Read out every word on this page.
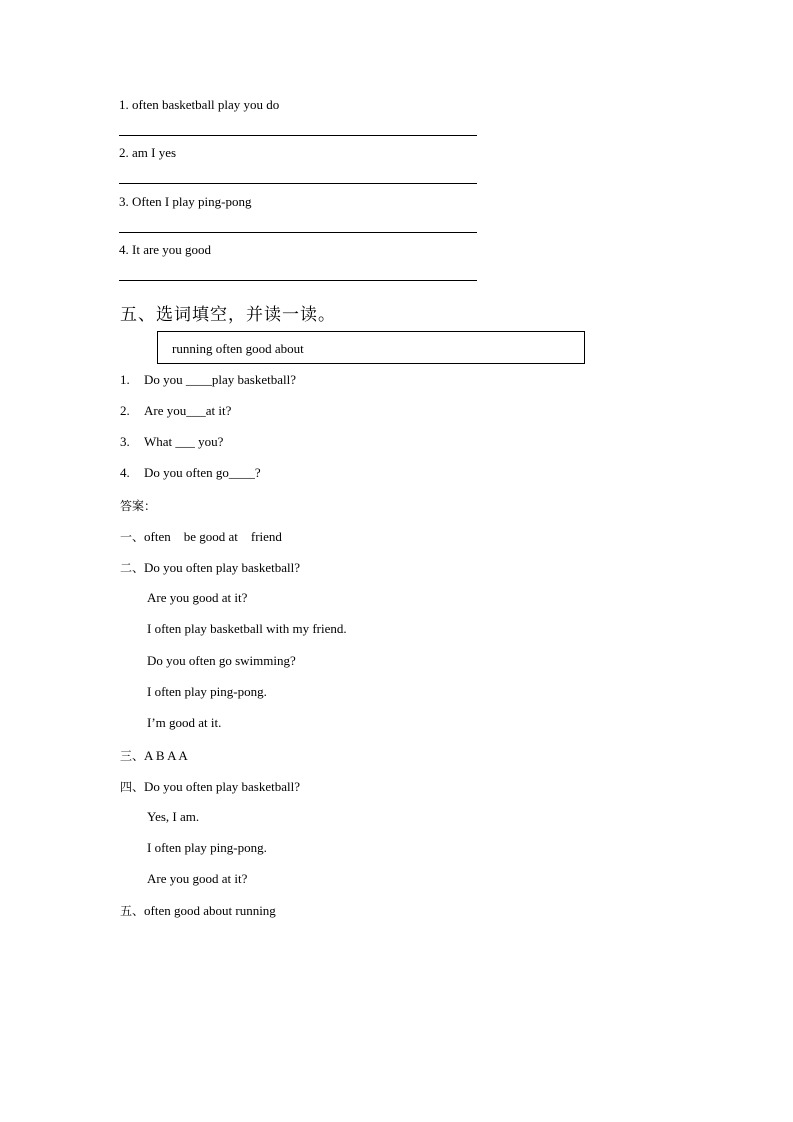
1. often basketball play you do
2. am I yes
3. Often I play ping-pong
4. It are you good
五、选词填空，并读一读。
running often good about
1. Do you ____play basketball?
2. Are you___at it?
3. What ___ you?
4. Do you often go____?
答案：
一、often    be good at    friend
二、Do you often play basketball?
Are you good at it?
I often play basketball with my friend.
Do you often go swimming?
I often play ping-pong.
I’m good at it.
三、A B A A
四、Do you often play basketball?
Yes, I am.
I often play ping-pong.
Are you good at it?
五、often good about running
